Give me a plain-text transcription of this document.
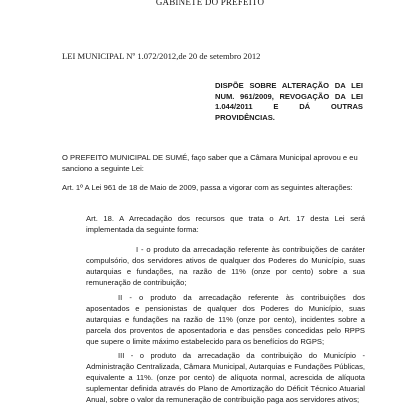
GABINETE DO PREFEITO
LEI MUNICIPAL Nº 1.072/2012,de 20 de setembro 2012
DISPÕE SOBRE ALTERAÇÃO DA LEI NUM. 961/2009, REVOGAÇÃO DA LEI 1.044/2011 E DÁ OUTRAS PROVIDÊNCIAS.

O PREFEITO MUNICIPAL DE SUMÉ, faço saber que a Câmara Municipal aprovou e eu sanciono a seguinte Lei:

Art. 1º A Lei 961 de 18 de Maio de 2009, passa a vigorar com as seguintes alterações:

Art. 18. A Arrecadação dos recursos que trata o Art. 17 desta Lei será implementada da seguinte forma:

I - o produto da arrecadação referente às contribuições de caráter compulsório, dos servidores ativos de qualquer dos Poderes do Município, suas autarquias e fundações, na razão de 11% (onze por cento) sobre a sua remuneração de contribuição;

II - o produto da arrecadação referente às contribuições dos aposentados e pensionistas de qualquer dos Poderes do Município, suas autarquias e fundações na razão de 11% (onze por cento), incidentes sobre a parcela dos proventos de aposentadoria e das pensões concedidas pelo RPPS que supere o limite máximo estabelecido para os benefícios do RGPS;

III - o produto da arrecadação da contribuição do Município - Administração Centralizada, Câmara Municipal, Autarquias e Fundações Públicas, equivalente a 11%. (onze por cento) de alíquota normal, acrescida de alíquota suplementar definida através do Plano de Amortização do Déficit Técnico Atuarial Anual, sobre o valor da remuneração de contribuição paga aos servidores ativos;
